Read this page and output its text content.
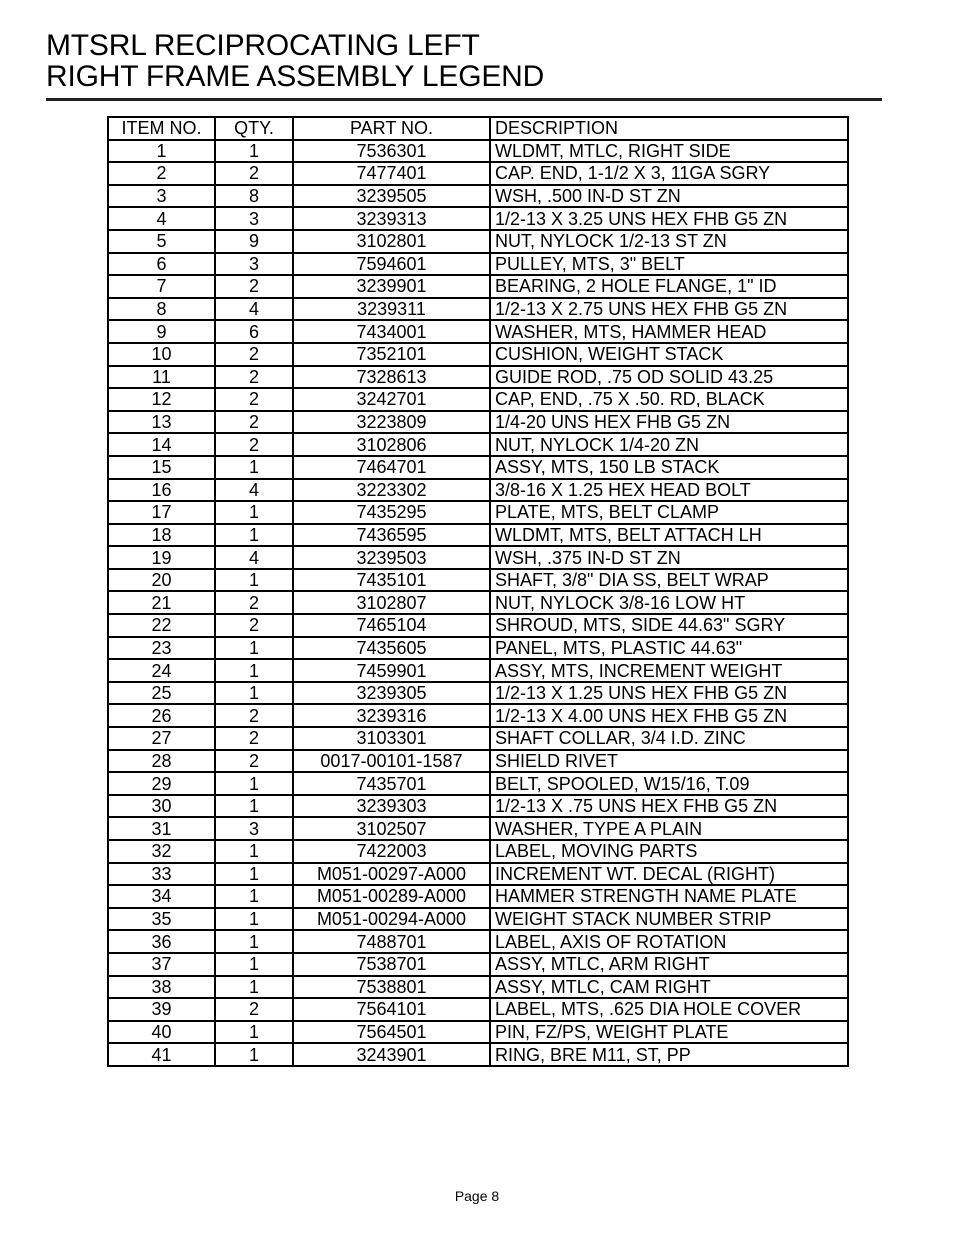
MTSRL RECIPROCATING LEFT
RIGHT FRAME ASSEMBLY LEGEND
ITEM NO.	QTY.	PART NO.	DESCRIPTION
1	1	7536301	WLDMT, MTLC, RIGHT SIDE
2	2	7477401	CAP. END, 1-1/2 X 3, 11GA SGRY
3	8	3239505	WSH, .500 IN-D ST ZN
4	3	3239313	1/2-13 X 3.25 UNS HEX FHB G5 ZN
5	9	3102801	NUT, NYLOCK 1/2-13 ST ZN
6	3	7594601	PULLEY, MTS, 3" BELT
7	2	3239901	BEARING, 2 HOLE FLANGE, 1" ID
8	4	3239311	1/2-13 X 2.75 UNS HEX FHB G5 ZN
9	6	7434001	WASHER, MTS, HAMMER HEAD
10	2	7352101	CUSHION, WEIGHT STACK
11	2	7328613	GUIDE ROD, .75 OD SOLID 43.25
12	2	3242701	CAP, END, .75 X .50. RD, BLACK
13	2	3223809	1/4-20 UNS HEX FHB G5 ZN
14	2	3102806	NUT, NYLOCK 1/4-20 ZN
15	1	7464701	ASSY, MTS, 150 LB STACK
16	4	3223302	3/8-16 X 1.25 HEX HEAD BOLT
17	1	7435295	PLATE, MTS, BELT CLAMP
18	1	7436595	WLDMT, MTS, BELT ATTACH LH
19	4	3239503	WSH, .375 IN-D ST ZN
20	1	7435101	SHAFT, 3/8" DIA SS, BELT WRAP
21	2	3102807	NUT, NYLOCK 3/8-16 LOW HT
22	2	7465104	SHROUD, MTS, SIDE 44.63" SGRY
23	1	7435605	PANEL, MTS, PLASTIC 44.63"
24	1	7459901	ASSY, MTS, INCREMENT WEIGHT
25	1	3239305	1/2-13 X 1.25 UNS HEX FHB G5 ZN
26	2	3239316	1/2-13 X 4.00 UNS HEX FHB G5 ZN
27	2	3103301	SHAFT COLLAR, 3/4 I.D. ZINC
28	2	0017-00101-1587	SHIELD RIVET
29	1	7435701	BELT, SPOOLED, W15/16, T.09
30	1	3239303	1/2-13 X .75 UNS HEX FHB G5 ZN
31	3	3102507	WASHER, TYPE A PLAIN
32	1	7422003	LABEL, MOVING PARTS
33	1	M051-00297-A000	INCREMENT WT. DECAL (RIGHT)
34	1	M051-00289-A000	HAMMER STRENGTH NAME PLATE
35	1	M051-00294-A000	WEIGHT STACK NUMBER STRIP
36	1	7488701	LABEL, AXIS OF ROTATION
37	1	7538701	ASSY, MTLC, ARM RIGHT
38	1	7538801	ASSY, MTLC, CAM RIGHT
39	2	7564101	LABEL, MTS, .625 DIA HOLE COVER
40	1	7564501	PIN, FZ/PS, WEIGHT PLATE
41	1	3243901	RING, BRE M11, ST, PP
Page 8
